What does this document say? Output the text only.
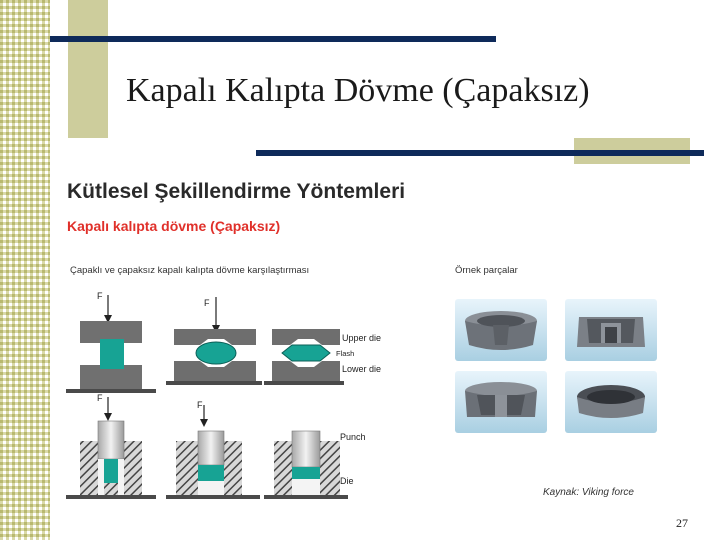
Kapalı Kalıpta Dövme (Çapaksız)
Kütlesel Şekillendirme Yöntemleri
Kapalı kalıpta dövme (Çapaksız)
Çapaklı ve çapaksız kapalı kalıpta dövme karşılaştırması	Örnek parçalar
F
F
F
F
Upper die
Flash
Lower die
Punch
Die
Kaynak: Viking force
27
